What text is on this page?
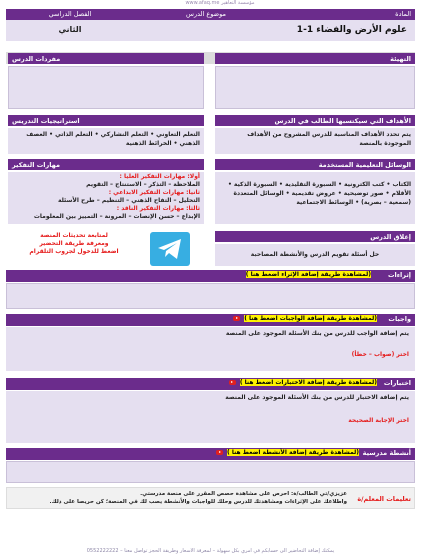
www.afaq.me مؤسسة التعاهير
المادة
موضوع الدرس
الفصل الدراسي
علوم الأرض والفضاء 1-1
الثاني
التهيئة
مفردات الدرس
الأهداف التي سيكتسبها الطالب في الدرس
استراتيجيات التدريس
يتم تحدد الأهداف المناسبة للدرس المشروح من الأهداف الموجودة بالمنصة
التعلم التعاوني • التعلم النشاركي • التعلم الذاتي • العصف الذهني • الخرائط الذهنية
الوسائل التعليمية المستخدمة
مهارات التفكير
الكتاب • كتب الكترونية • السبورة التقليدية • السبورة الذكية • الأقلام • صور توضيحية • عروض تقديمية • الوسائل المتعددة (سمعية – بصرية) • الوسائط الاجتماعية
أولا: مهارات التفكير العليا :
الملاحظة – التذكر – الاستنتاج – التقويم
ثانيا: مهارات التفكير الابداعي :
التحليل – التفاح الذهني – التنظيم – طرح الأسئلة
ثالثا: مهارات التفكير الناقد :
الإبداع – حسن الإنصات – المرونة – التمييز بين المعلومات
إغلاق الدرس
حل أسئلة تقويم الدرس والأنشطة المصاحبة
لمتابعة تحديثات المنصة
ومعرفة طريقة التحضير
اضغط للدخول لجروب التلقرام
إثراءات
(لمشاهدة طريقة إضافة الإثراء اضغط هنا )
واجبات
(لمشاهدة طريقة إضافة الواجبات اضغط هنا )
يتم إضافة الواجب للدرس من بنك الأسئلة الموجود على المنصة
اختر (صواب – خطأ)
اختبارات
(لمشاهدة طريقة إضافة الاختبارات اضغط هنا )
يتم إضافة الاختبار للدرس من بنك الأسئلة الموجود على المنصة
اختر الإجابة الصحيحة
أنشطة مدرسية
(لمشاهدة طريقة إضافة الأنشطة اضغط هنا )
تعليمات المعلم/ة
عزيزي/تي الطالب/ة: احرص على مشاهدة حصص المقرر على منصة مدرستي.
واطلاعك على الإثراءات ومشاهدتك للدرس وحلك للواجبات والأنشطة يصب لك في المنصة؛ كن حريصا على ذلك.
يمكنك إضافة التحاضير الى حسابكم في أمري بكل سهولة – لمعرفة الأسعار وطريقة الحجز تواصل معنا – 0552222222
